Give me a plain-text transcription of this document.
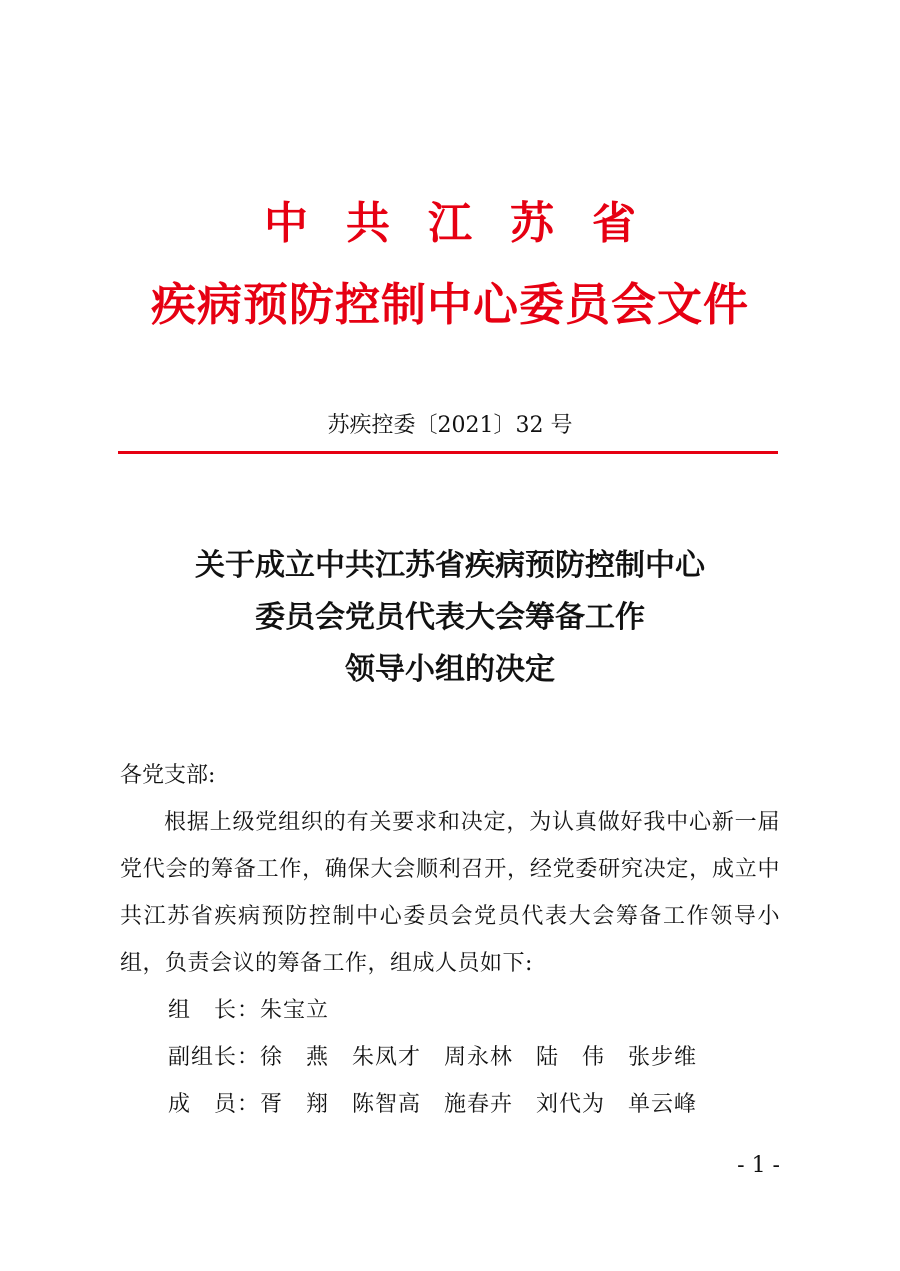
中共江苏省
疾病预防控制中心委员会文件
苏疾控委〔2021〕32 号
关于成立中共江苏省疾病预防控制中心
委员会党员代表大会筹备工作
领导小组的决定
各党支部:
根据上级党组织的有关要求和决定，为认真做好我中心新一届党代会的筹备工作，确保大会顺利召开，经党委研究决定，成立中共江苏省疾病预防控制中心委员会党员代表大会筹备工作领导小组，负责会议的筹备工作，组成人员如下:
组　长：朱宝立
副组长：徐　燕　朱凤才　周永林　陆　伟　张步维
成　员：胥　翔　陈智高　施春卉　刘代为　单云峰
- 1 -
